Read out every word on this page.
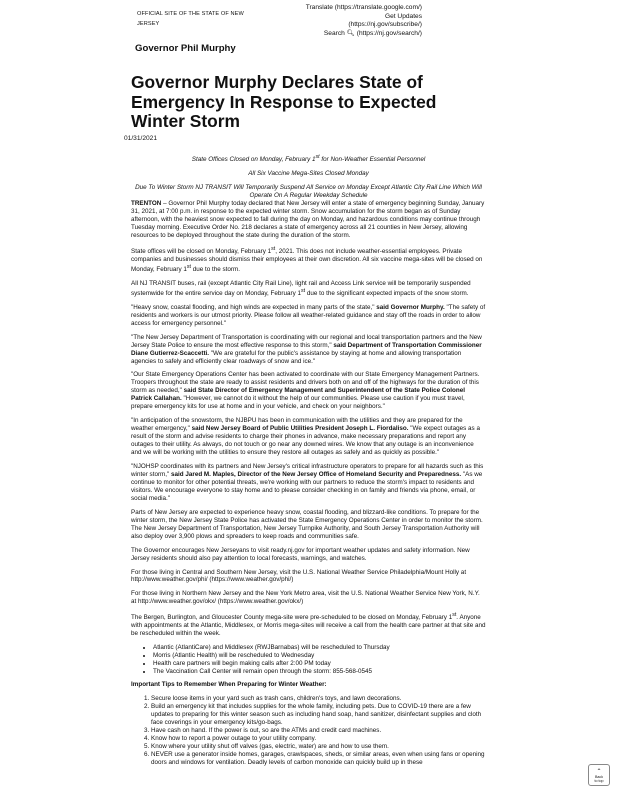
OFFICIAL SITE OF THE STATE OF NEW JERSEY
Translate (https://translate.google.com/)
Get Updates
(https://nj.gov/subscribe/)
Search 🔍︎ (https://nj.gov/search/)
Governor Phil Murphy
Governor Murphy Declares State of Emergency In Response to Expected Winter Storm
01/31/2021

State Offices Closed on Monday, February 1st for Non-Weather Essential Personnel

All Six Vaccine Mega-Sites Closed Monday

Due To Winter Storm NJ TRANSIT Will Temporarily Suspend All Service on Monday Except Atlantic City Rail Line Which Will Operate On A Regular Weekday Schedule

TRENTON – Governor Phil Murphy today declared that New Jersey will enter a state of emergency beginning Sunday, January 31, 2021, at 7:00 p.m. in response to the expected winter storm. Snow accumulation for the storm began as of Sunday afternoon, with the heaviest snow expected to fall during the day on Monday, and hazardous conditions may continue through Tuesday morning. Executive Order No. 218 declares a state of emergency across all 21 counties in New Jersey, allowing resources to be deployed throughout the state during the duration of the storm.

State offices will be closed on Monday, February 1st, 2021. This does not include weather-essential employees. Private companies and businesses should dismiss their employees at their own discretion. All six vaccine mega-sites will be closed on Monday, February 1st due to the storm.

All NJ TRANSIT buses, rail (except Atlantic City Rail Line), light rail and Access Link service will be temporarily suspended systemwide for the entire service day on Monday, February 1st due to the significant expected impacts of the snow storm.

"Heavy snow, coastal flooding, and high winds are expected in many parts of the state," said Governor Murphy. "The safety of residents and workers is our utmost priority. Please follow all weather-related guidance and stay off the roads in order to allow access for emergency personnel."

"The New Jersey Department of Transportation is coordinating with our regional and local transportation partners and the New Jersey State Police to ensure the most effective response to this storm," said Department of Transportation Commissioner Diane Gutierrez-Scaccetti. "We are grateful for the public's assistance by staying at home and allowing transportation agencies to safely and efficiently clear roadways of snow and ice."

"Our State Emergency Operations Center has been activated to coordinate with our State Emergency Management Partners. Troopers throughout the state are ready to assist residents and drivers both on and off of the highways for the duration of this storm as needed," said State Director of Emergency Management and Superintendent of the State Police Colonel Patrick Callahan. "However, we cannot do it without the help of our communities. Please use caution if you must travel, prepare emergency kits for use at home and in your vehicle, and check on your neighbors."

"In anticipation of the snowstorm, the NJBPU has been in communication with the utilities and they are prepared for the weather emergency," said New Jersey Board of Public Utilities President Joseph L. Fiordaliso. "We expect outages as a result of the storm and advise residents to charge their phones in advance, make necessary preparations and report any outages to their utility. As always, do not touch or go near any downed wires. We know that any outage is an inconvenience and we will be working with the utilities to ensure they restore all outages as safely and as quickly as possible."

"NJOHSP coordinates with its partners and New Jersey's critical infrastructure operators to prepare for all hazards such as this winter storm," said Jared M. Maples, Director of the New Jersey Office of Homeland Security and Preparedness. "As we continue to monitor for other potential threats, we're working with our partners to reduce the storm's impact to residents and visitors. We encourage everyone to stay home and to please consider checking in on family and friends via phone, email, or social media."

Parts of New Jersey are expected to experience heavy snow, coastal flooding, and blizzard-like conditions. To prepare for the winter storm, the New Jersey State Police has activated the State Emergency Operations Center in order to monitor the storm. The New Jersey Department of Transportation, New Jersey Turnpike Authority, and South Jersey Transportation Authority will also deploy over 3,900 plows and spreaders to keep roads and communities safe.

The Governor encourages New Jerseyans to visit ready.nj.gov for important weather updates and safety information. New Jersey residents should also pay attention to local forecasts, warnings, and watches.

For those living in Central and Southern New Jersey, visit the U.S. National Weather Service Philadelphia/Mount Holly at http://www.weather.gov/phi/ (https://www.weather.gov/phi/)

For those living in Northern New Jersey and the New York Metro area, visit the U.S. National Weather Service New York, N.Y. at http://www.weather.gov/okx/ (https://www.weather.gov/okx/)

The Bergen, Burlington, and Gloucester County mega-site were pre-scheduled to be closed on Monday, February 1st. Anyone with appointments at the Atlantic, Middlesex, or Morris mega-sites will receive a call from the health care partner at that site and be rescheduled within the week.

• Atlantic (AtlantiCare) and Middlesex (RWJBarnabas) will be rescheduled to Thursday
• Morris (Atlantic Health) will be rescheduled to Wednesday
• Health care partners will begin making calls after 2:00 PM today
• The Vaccination Call Center will remain open through the storm: 855-568-0545

Important Tips to Remember When Preparing for Winter Weather:

1. Secure loose items in your yard such as trash cans, children's toys, and lawn decorations.
2. Build an emergency kit that includes supplies for the whole family, including pets. Due to COVID-19 there are a few updates to preparing for this winter season such as including hand soap, hand sanitizer, disinfectant supplies and cloth face coverings in your emergency kits/go-bags.
3. Have cash on hand. If the power is out, so are the ATMs and credit card machines.
4. Know how to report a power outage to your utility company.
5. Know where your utility shut off valves (gas, electric, water) are and how to use them.
6. NEVER use a generator inside homes, garages, crawlspaces, sheds, or similar areas, even when using fans or opening doors and windows for ventilation. Deadly levels of carbon monoxide can quickly build up in these
⌃
Back
to top
